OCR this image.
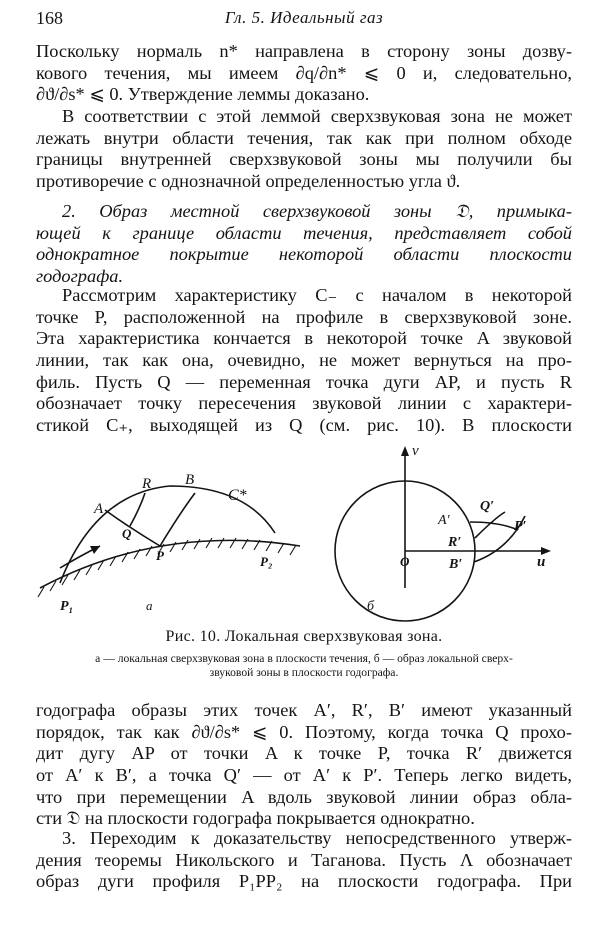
168	Гл. 5. Идеальный газ

Поскольку нормаль n* направлена в сторону зоны дозву-
кового течения, мы имеем ∂q/∂n* ⩽ 0 и, следовательно,
∂ϑ/∂s* ⩽ 0. Утверждение леммы доказано.

В соответствии с этой леммой сверхзвуковая зона не может
лежать внутри области течения, так как при полном обходе
границы внутренней сверхзвуковой зоны мы получили бы
противоречие с однозначной определенностью угла ϑ.

2. Образ местной сверхзвуковой зоны 𝔇, примыка-
ющей к границе области течения, представляет собой
однократное покрытие некоторой области плоскости
годографа.

Рассмотрим характеристику C₋ с началом в некоторой
точке P, расположенной на профиле в сверхзвуковой зоне.
Эта характеристика кончается в некоторой точке A звуковой
линии, так как она, очевидно, не может вернуться на про-
филь. Пусть Q — переменная точка дуги AP, и пусть R
обозначает точку пересечения звуковой линии с характери-
стикой C₊, выходящей из Q (см. рис. 10). В плоскости

R B
C*
A
Q
P	P₂
P₁	а
v
Q′
A′	P′
R′
O	B′	u
б

Рис. 10. Локальная сверхзвуковая зона.

а — локальная сверхзвуковая зона в плоскости течения, б — образ локальной сверх-
звуковой зоны в плоскости годографа.

годографа образы этих точек A′, R′, B′ имеют указанный
порядок, так как ∂ϑ/∂s* ⩽ 0. Поэтому, когда точка Q прохо-
дит дугу AP от точки A к точке P, точка R′ движется
от A′ к B′, а точка Q′ — от A′ к P′. Теперь легко видеть,
что при перемещении A вдоль звуковой линии образ обла-
сти 𝔇 на плоскости годографа покрывается однократно.

3. Переходим к доказательству непосредственного утверж-
дения теоремы Никольского и Таганова. Пусть Λ обозначает
образ дуги профиля P₁PP₂ на плоскости годографа. При
